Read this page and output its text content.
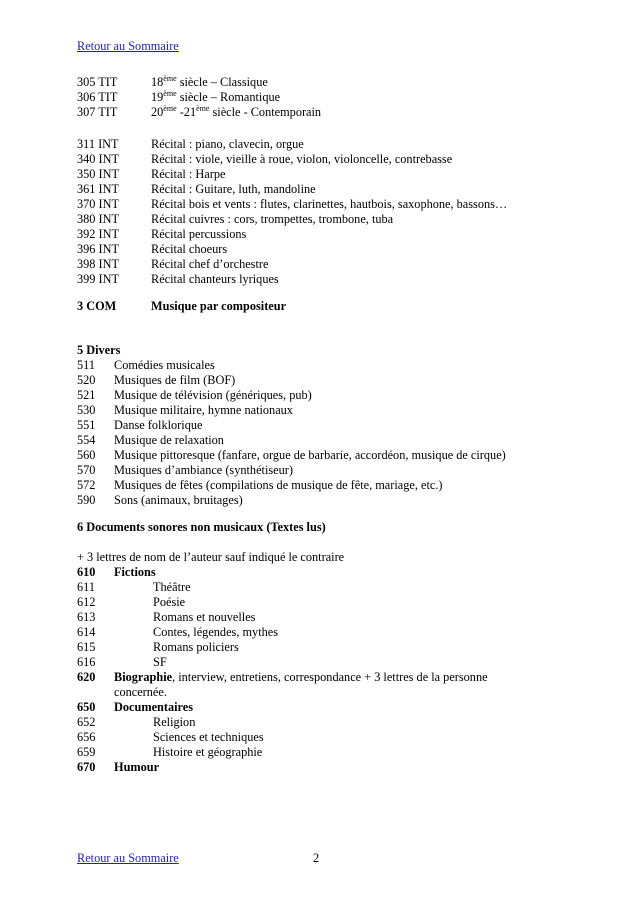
Retour au Sommaire
305 TIT	18ème siècle – Classique
306 TIT	19ème siècle – Romantique
307 TIT	20ème -21ème siècle - Contemporain
311 INT	Récital : piano, clavecin, orgue
340 INT	Récital : viole, vieille à roue, violon, violoncelle, contrebasse
350 INT	Récital : Harpe
361 INT	Récital : Guitare, luth, mandoline
370 INT	Récital bois et vents : flutes, clarinettes, hautbois, saxophone, bassons…
380 INT	Récital cuivres : cors, trompettes, trombone, tuba
392 INT	Récital percussions
396 INT	Récital choeurs
398 INT	Récital chef d’orchestre
399 INT	Récital chanteurs lyriques
3 COM	Musique par compositeur
5 Divers
511 Comédies musicales
520 Musiques de film (BOF)
521 Musique de télévision (génériques, pub)
530 Musique militaire, hymne nationaux
551 Danse folklorique
554 Musique de relaxation
560 Musique pittoresque (fanfare, orgue de barbarie, accordéon, musique de cirque)
570 Musiques d’ambiance (synthétiseur)
572 Musiques de fêtes (compilations de musique de fête, mariage, etc.)
590 Sons (animaux, bruitages)
6 Documents sonores non musicaux (Textes lus)
+ 3 lettres de nom de l’auteur sauf indiqué le contraire
610 Fictions
611	Théâtre
612	Poésie
613	Romans et nouvelles
614	Contes, légendes, mythes
615	Romans policiers
616	SF
620 Biographie, interview, entretiens, correspondance + 3 lettres de la personne
concernée.
650 Documentaires
652	Religion
656	Sciences et techniques
659	Histoire et géographie
670 Humour
Retour au Sommaire	2
